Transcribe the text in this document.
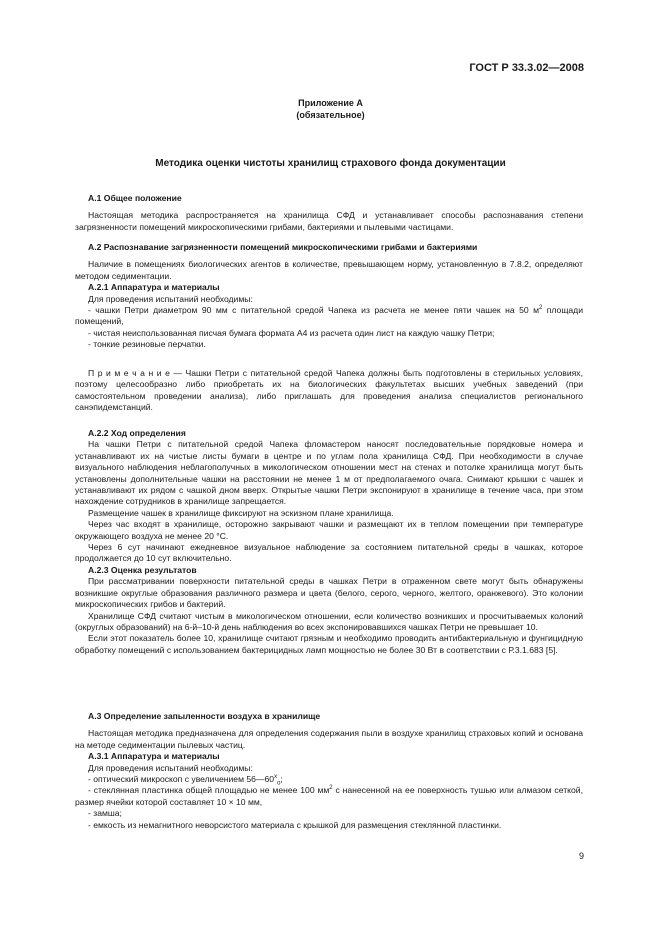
ГОСТ Р 33.3.02—2008
Приложение А
(обязательное)
Методика оценки чистоты хранилищ страхового фонда документации

А.1 Общее положение

Настоящая методика распространяется на хранилища СФД и устанавливает способы распознавания степени загрязненности помещений микроскопическими грибами, бактериями и пылевыми частицами.

А.2 Распознавание загрязненности помещений микроскопическими грибами и бактериями

Наличие в помещениях биологических агентов в количестве, превышающем норму, установленную в 7.8.2, определяют методом седиментации.

А.2.1 Аппаратура и материалы

Для проведения испытаний необходимы:

- чашки Петри диаметром 90 мм с питательной средой Чапека из расчета не менее пяти чашек на 50 $м^2$ площади помещений,

- чистая неиспользованная писчая бумага формата А4 из расчета один лист на каждую чашку Петри;

- тонкие резиновые перчатки.

П р и м е ч а н и е — Чашки Петри с питательной средой Чапека должны быть подготовлены в стерильных условиях, поэтому целесообразно либо приобретать их на биологических факультетах высших учебных заведений (при самостоятельном проведении анализа), либо приглашать для проведения анализа специалистов регионального санэпидемстанций.

А.2.2 Ход определения

На чашки Петри с питательной средой Чапека фломастером наносят последовательные порядковые номера и устанавливают их на чистые листы бумаги в центре и по углам пола хранилища СФД. При необходимости в случае визуального наблюдения неблагополучных в микологическом отношении мест на стенах и потолке хранилища могут быть установлены дополнительные чашки на расстоянии не менее 1 м от предполагаемого очага. Снимают крышки с чашек и устанавливают их рядом с чашкой дном вверх. Открытые чашки Петри экспонируют в хранилище в течение часа, при этом нахождение сотрудников в хранилище запрещается.

Размещение чашек в хранилище фиксируют на эскизном плане хранилища.

Через час входят в хранилище, осторожно закрывают чашки и размещают их в теплом помещении при температуре окружающего воздуха не менее 20 °С.

Через 6 сут начинают ежедневное визуальное наблюдение за состоянием питательной среды в чашках, которое продолжается до 10 сут включительно.

А.2.3 Оценка результатов

При рассматривании поверхности питательной среды в чашках Петри в отраженном свете могут быть обнаружены возникшие округлые образования различного размера и цвета (белого, серого, черного, желтого, оранжевого). Это колонии микроскопических грибов и бактерий.

Хранилище СФД считают чистым в микологическом отношении, если количество возникших и просчитываемых колоний (округлых образований) на 6-й–10-й день наблюдения во всех экспонировавшихся чашках Петри не превышает 10.

Если этот показатель более 10, хранилище считают грязным и необходимо проводить антибактериальную и фунгицидную обработку помещений с использованием бактерицидных ламп мощностью не более 30 Вт в соответствии с Р.3.1.683 [5].

А.3 Определение запыленности воздуха в хранилище

Настоящая методика предназначена для определения содержания пыли в воздухе хранилищ страховых копий и основана на методе седиментации пылевых частиц.

А.3.1 Аппаратура и материалы

Для проведения испытаний необходимы:

- оптический микроскоп с увеличением $56—60^х_о$;

- стеклянная пластинка общей площадью не менее 100 $мм^2$ с нанесенной на ее поверхность тушью или алмазом сеткой, размер ячейки которой составляет 10 × 10 мм,

- замша;

- емкость из немагнитного неворсистого материала с крышкой для размещения стеклянной пластинки.

9
